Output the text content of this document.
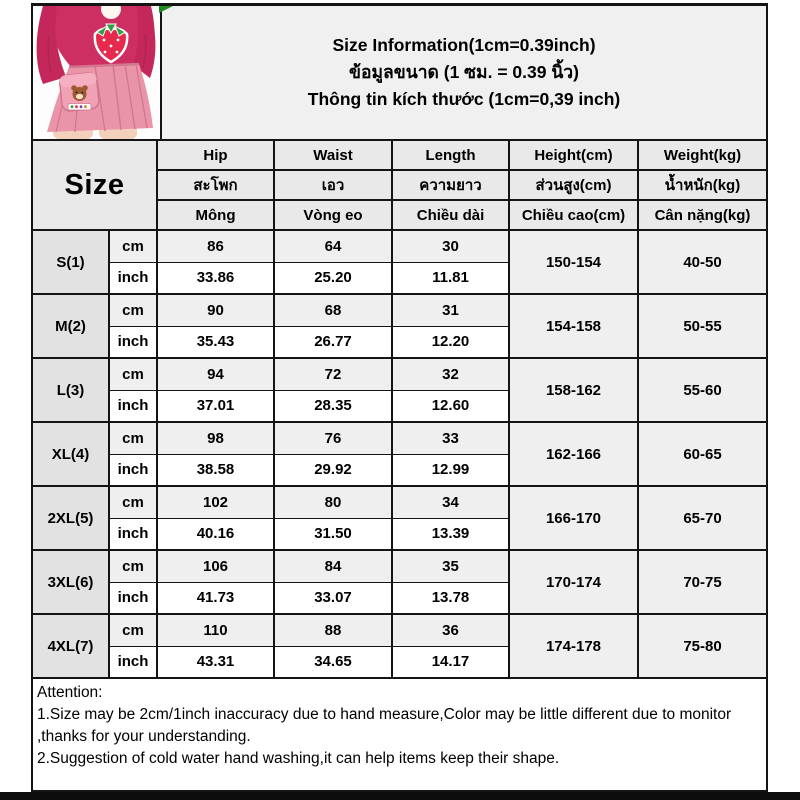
Size Information(1cm=0.39inch)
ข้อมูลขนาด (1 ซม. = 0.39 นิ้ว)
Thông tin kích thước (1cm=0,39 inch)
Size		Hip	Waist	Length	Height(cm)	Weight(kg)
		สะโพก	เอว	ความยาว	ส่วนสูง(cm)	น้ำหนัก(kg)
		Mông	Vòng eo	Chiều dài	Chiều cao(cm)	Cân nặng(kg)
S(1)	cm	86	64	30	150-154	40-50
	inch	33.86	25.20	11.81		
M(2)	cm	90	68	31	154-158	50-55
	inch	35.43	26.77	12.20		
L(3)	cm	94	72	32	158-162	55-60
	inch	37.01	28.35	12.60		
XL(4)	cm	98	76	33	162-166	60-65
	inch	38.58	29.92	12.99		
2XL(5)	cm	102	80	34	166-170	65-70
	inch	40.16	31.50	13.39		
3XL(6)	cm	106	84	35	170-174	70-75
	inch	41.73	33.07	13.78		
4XL(7)	cm	110	88	36	174-178	75-80
	inch	43.31	34.65	14.17		
Attention:
1.Size may be 2cm/1inch inaccuracy due to hand measure,Color may be little different due to monitor
,thanks for your understanding.
2.Suggestion of cold water hand washing,it can help items keep their shape.
